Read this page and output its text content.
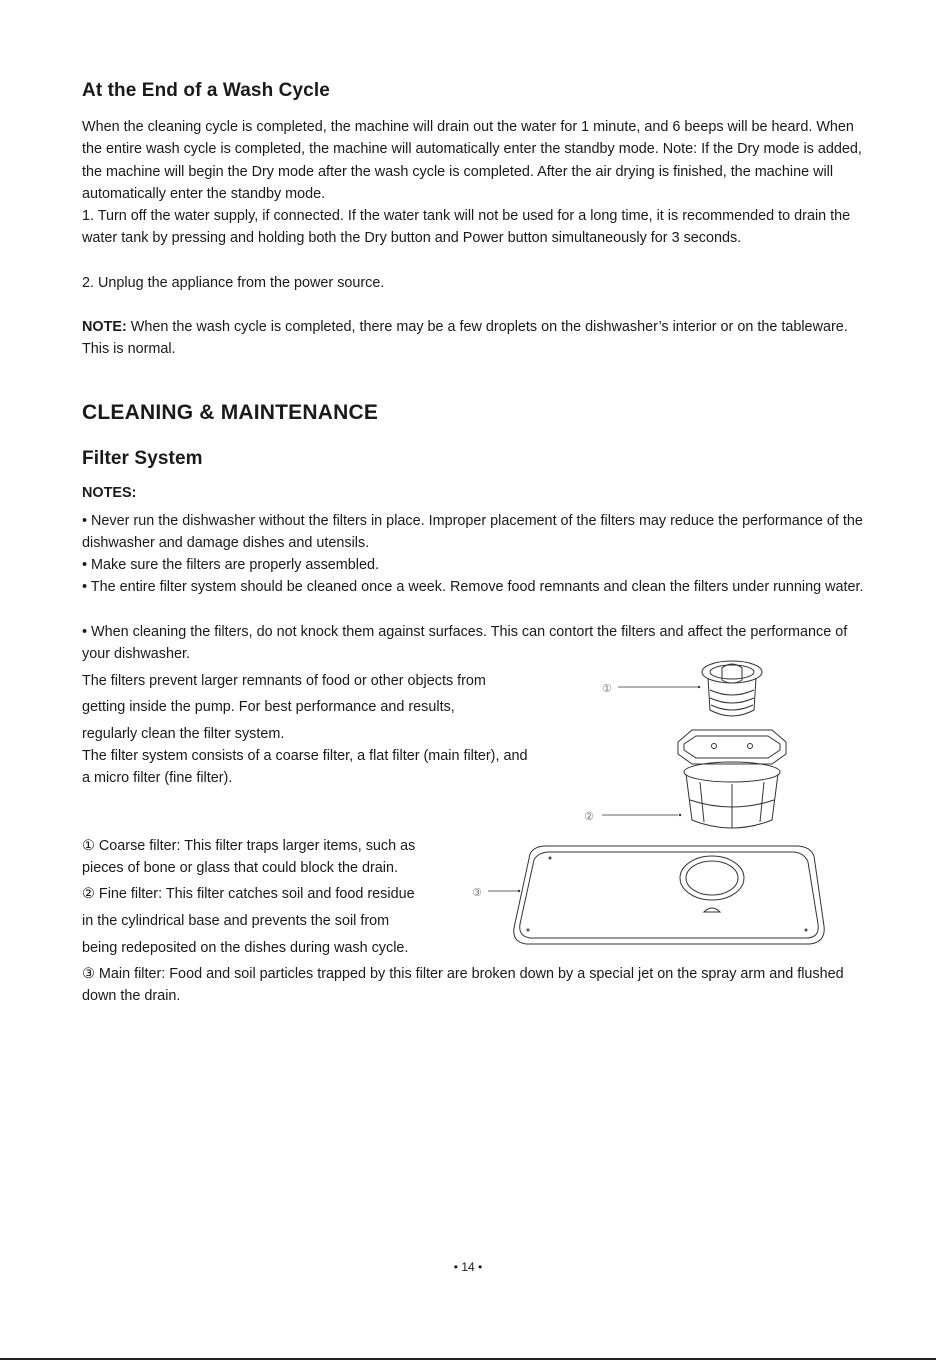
At the End of a Wash Cycle

When the cleaning cycle is completed, the machine will drain out the water for 1 minute, and 6 beeps will be heard. When the entire wash cycle is completed, the machine will automatically enter the standby mode. Note: If the Dry mode is added, the machine will begin the Dry mode after the wash cycle is completed. After the air drying is finished, the machine will automatically enter the standby mode.

1. Turn off the water supply, if connected. If the water tank will not be used for a long time, it is recommended to drain the water tank by pressing and holding both the Dry button and Power button simultaneously for 3 seconds.

2. Unplug the appliance from the power source.

NOTE: When the wash cycle is completed, there may be a few droplets on the dishwasher’s interior or on the tableware. This is normal.

CLEANING & MAINTENANCE
Filter System

NOTES:

• Never run the dishwasher without the filters in place. Improper placement of the filters may reduce the performance of the dishwasher and damage dishes and utensils.

• Make sure the filters are properly assembled.

• The entire filter system should be cleaned once a week. Remove food remnants and clean the filters under running water.

• When cleaning the filters, do not knock them against surfaces. This can contort the filters and affect the performance of your dishwasher.

The filters prevent larger remnants of food or other objects from

getting inside the pump. For best performance and results,

regularly clean the filter system.

The filter system consists of a coarse filter, a flat filter (main filter), and a micro filter (fine filter).

① Coarse filter: This filter traps larger items, such as

pieces of bone or glass that could block the drain.

② Fine filter: This filter catches soil and food residue

in the cylindrical base and prevents the soil from

being redeposited on the dishes during wash cycle.

③ Main filter: Food and soil particles trapped by this filter are broken down by a special jet on the spray arm and flushed down the drain.

①
②
③
• 14 •
